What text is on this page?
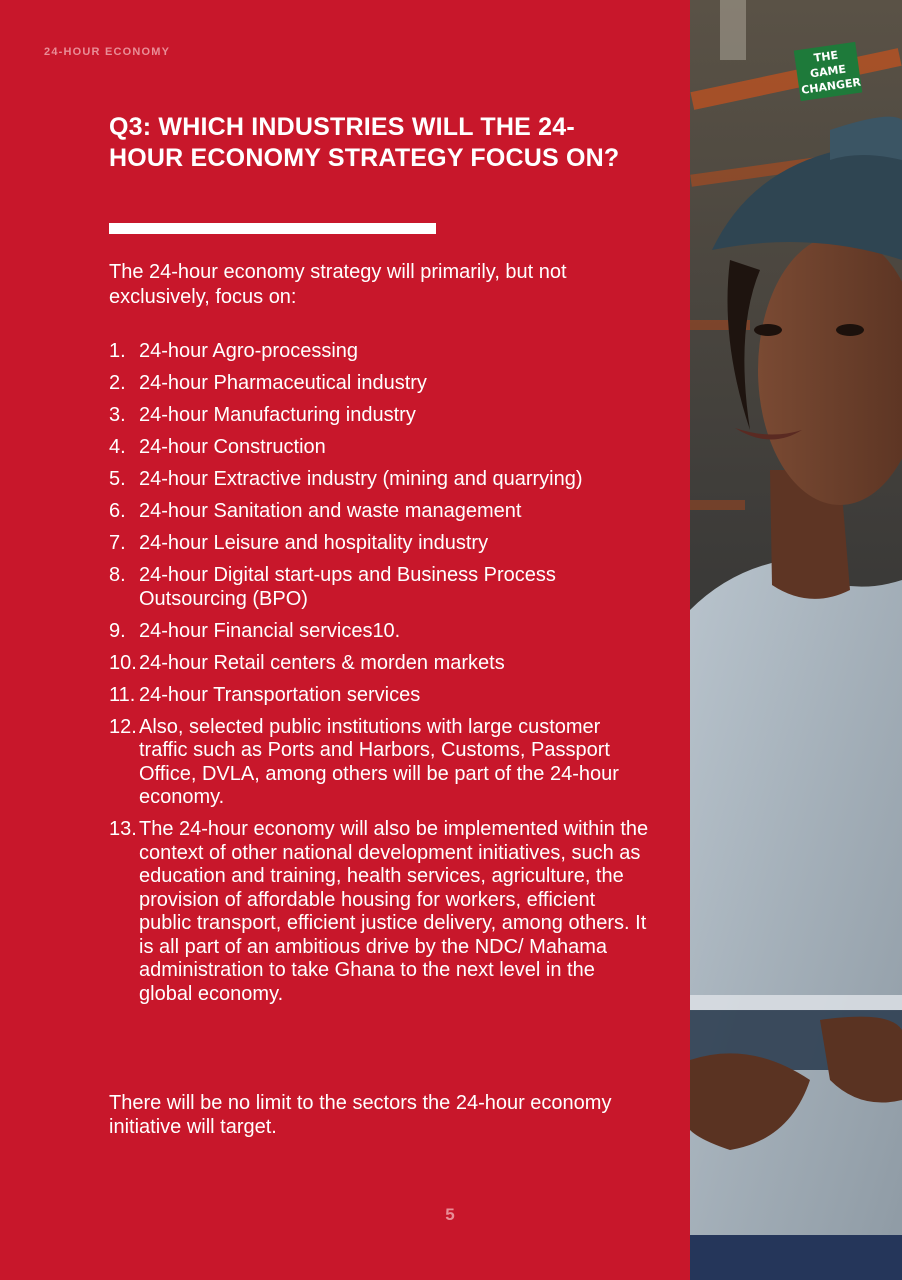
24-HOUR ECONOMY
Q3: WHICH INDUSTRIES WILL THE 24-HOUR ECONOMY STRATEGY FOCUS ON?

The 24-hour economy strategy will primarily, but not exclusively, focus on:

1. 24-hour Agro-processing
2. 24-hour Pharmaceutical industry
3. 24-hour Manufacturing industry
4. 24-hour Construction
5. 24-hour Extractive industry (mining and quarrying)
6. 24-hour Sanitation and waste management
7. 24-hour Leisure and hospitality industry
8. 24-hour Digital start-ups and Business Process Outsourcing (BPO)
9. 24-hour Financial services10.
10. 24-hour Retail centers & morden markets
11. 24-hour Transportation services
12. Also, selected public institutions with large customer traffic such as Ports and Harbors, Customs, Passport Office, DVLA, among others will be part of the 24-hour economy.
13. The 24-hour economy will also be implemented within the context of other national development initiatives, such as education and training, health services, agriculture, the provision of affordable housing for workers, efficient public transport, efficient justice delivery, among others. It is all part of an ambitious drive by the NDC/ Mahama administration to take Ghana to the next level in the global economy.

There will be no limit to the sectors the 24-hour economy initiative will target.

5
THE GAME
CHANGER
